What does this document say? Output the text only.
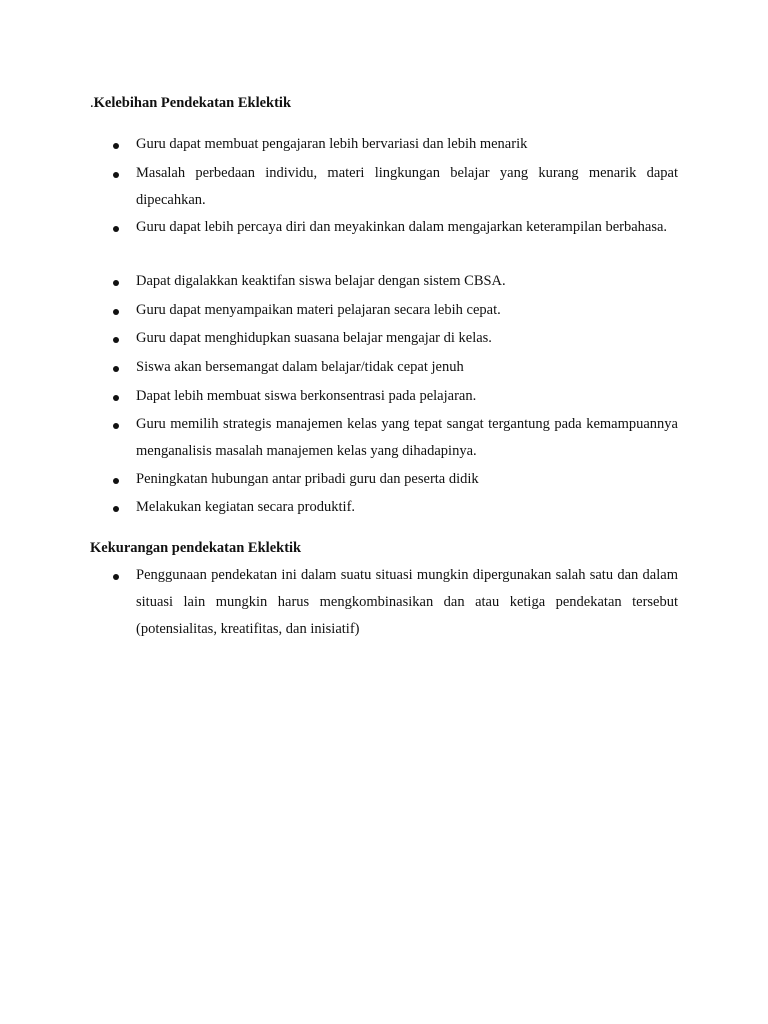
.Kelebihan Pendekatan Eklektik
Guru dapat membuat pengajaran lebih bervariasi dan lebih menarik
Masalah perbedaan individu, materi lingkungan belajar yang kurang menarik dapat dipecahkan.
Guru dapat lebih percaya diri dan meyakinkan dalam mengajarkan keterampilan berbahasa.
Dapat digalakkan keaktifan siswa belajar dengan sistem CBSA.
Guru dapat menyampaikan materi pelajaran secara lebih cepat.
Guru dapat menghidupkan suasana belajar mengajar di kelas.
Siswa akan bersemangat dalam belajar/tidak cepat jenuh
Dapat lebih membuat siswa berkonsentrasi pada pelajaran.
Guru memilih strategis manajemen kelas yang tepat sangat tergantung pada kemampuannya menganalisis masalah manajemen kelas yang dihadapinya.
Peningkatan hubungan antar pribadi guru dan peserta didik
Melakukan kegiatan secara produktif.
Kekurangan pendekatan Eklektik
Penggunaan pendekatan ini dalam suatu situasi mungkin dipergunakan salah satu dan dalam situasi lain mungkin harus mengkombinasikan dan atau ketiga pendekatan tersebut (potensialitas, kreatifitas, dan inisiatif)
